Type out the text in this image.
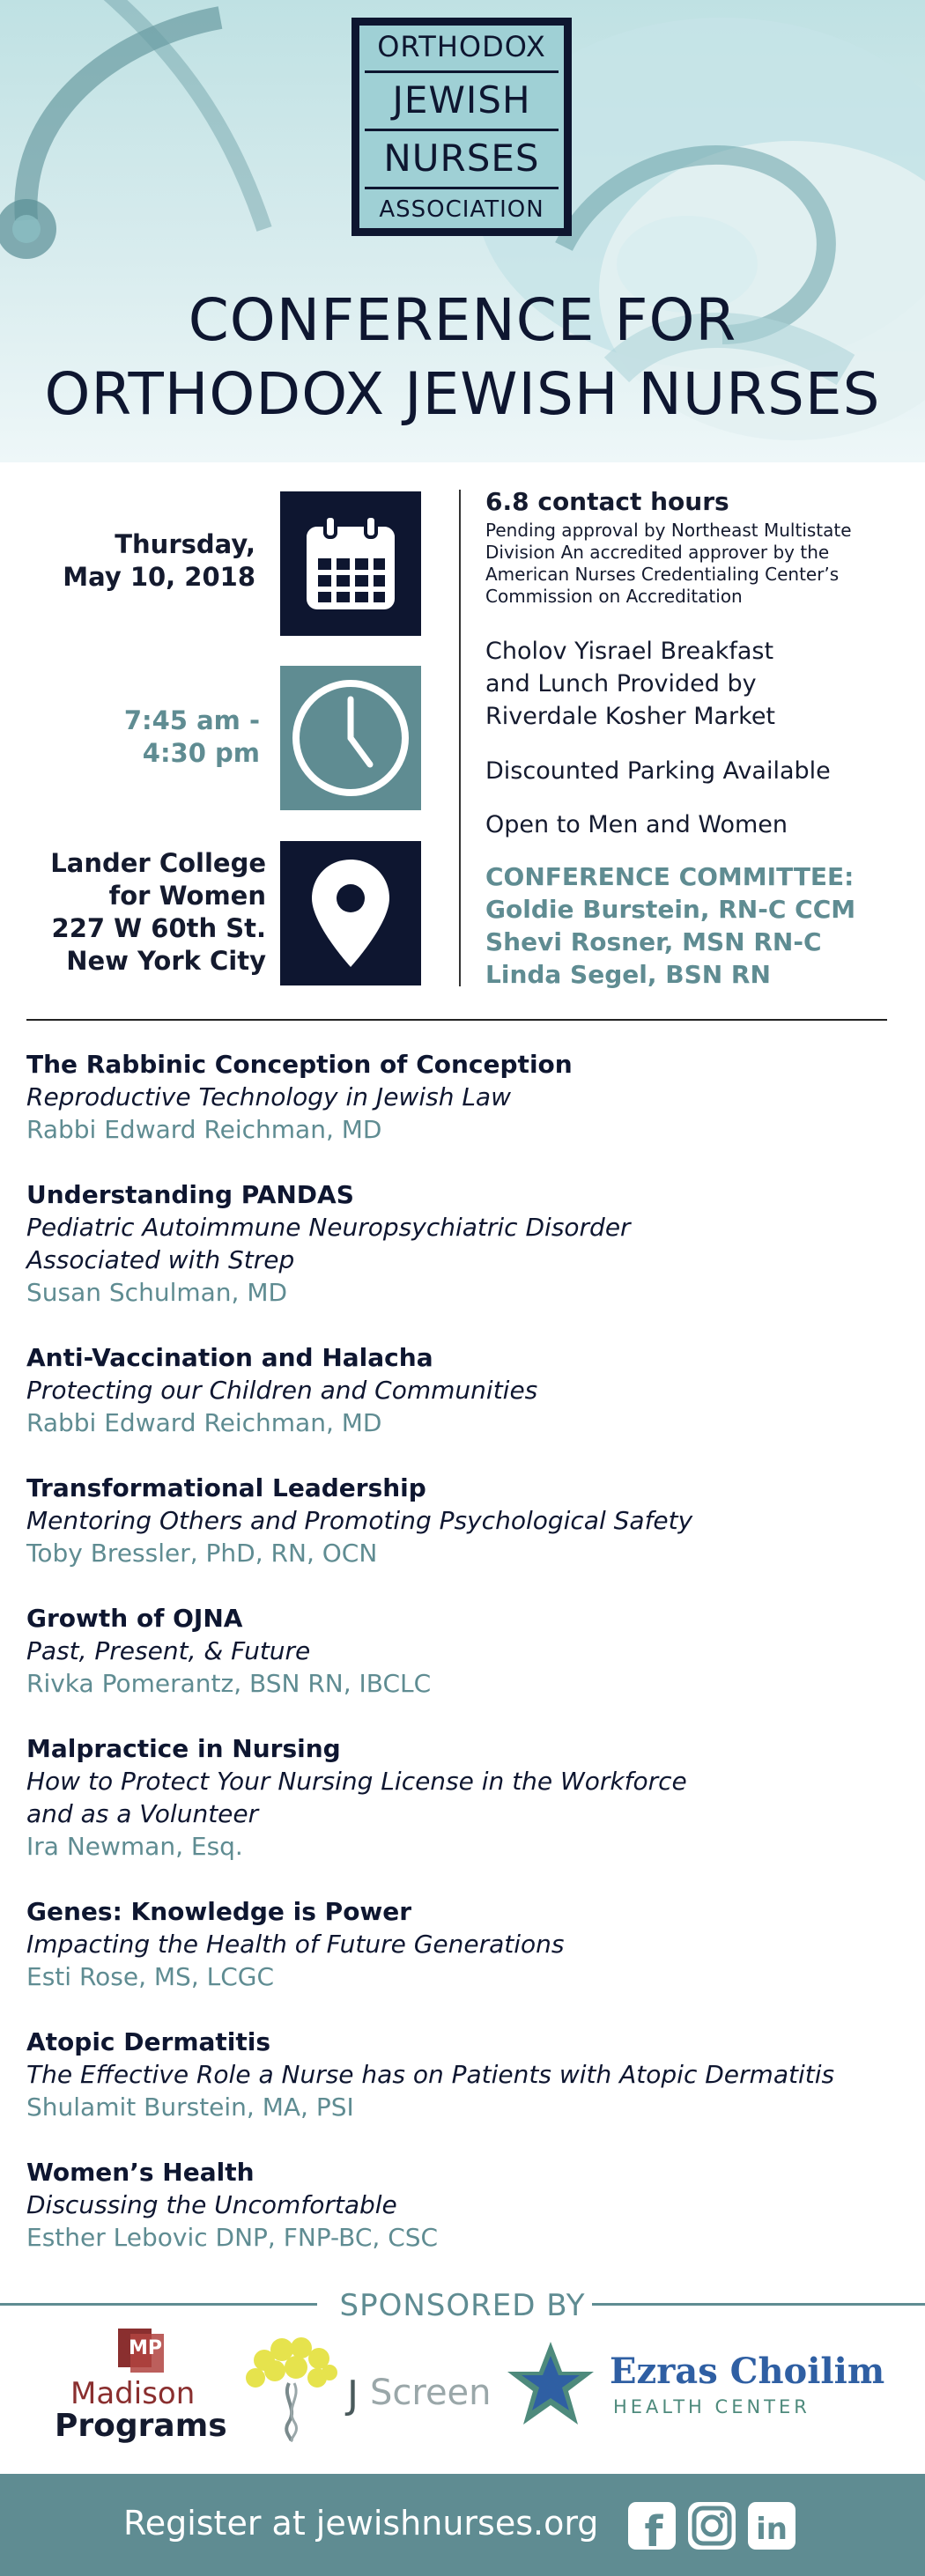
ORTHODOX
JEWISH
NURSES
ASSOCIATION
CONFERENCE FOR
ORTHODOX JEWISH NURSES
Thursday,
May 10, 2018
7:45 am -
4:30 pm
Lander College
for Women
227 W 60th St.
New York City
6.8 contact hours
Pending approval by Northeast Multistate
Division An accredited approver by the
American Nurses Credentialing Center’s
Commission on Accreditation
Cholov Yisrael Breakfast
and Lunch Provided by
Riverdale Kosher Market
Discounted Parking Available
Open to Men and Women
CONFERENCE COMMITTEE:
Goldie Burstein, RN-C CCM
Shevi Rosner, MSN RN-C
Linda Segel, BSN RN
The Rabbinic Conception of Conception
Reproductive Technology in Jewish Law
Rabbi Edward Reichman, MD
Understanding PANDAS
Pediatric Autoimmune Neuropsychiatric Disorder
Associated with Strep
Susan Schulman, MD
Anti-Vaccination and Halacha
Protecting our Children and Communities
Rabbi Edward Reichman, MD
Transformational Leadership
Mentoring Others and Promoting Psychological Safety
Toby Bressler, PhD, RN, OCN
Growth of OJNA
Past, Present, & Future
Rivka Pomerantz, BSN RN, IBCLC
Malpractice in Nursing
How to Protect Your Nursing License in the Workforce
and as a Volunteer
Ira Newman, Esq.
Genes: Knowledge is Power
Impacting the Health of Future Generations
Esti Rose, MS, LCGC
Atopic Dermatitis
The Effective Role a Nurse has on Patients with Atopic Dermatitis
Shulamit Burstein, MA, PSI
Women’s Health
Discussing the Uncomfortable
Esther Lebovic DNP, FNP-BC, CSC
SPONSORED BY
MP
Madison
Programs
J Screen
Ezras Choilim
HEALTH CENTER
Register at jewishnurses.org f	in
